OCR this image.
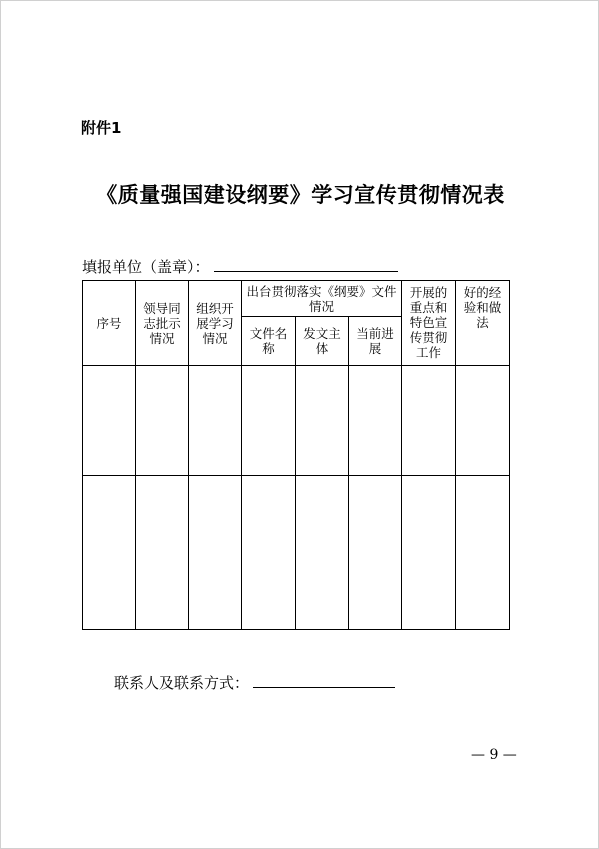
附件1
《质量强国建设纲要》学习宣传贯彻情况表
填报单位（盖章）：
序号	领导同志批示情况	组织开展学习情况	出台贯彻落实《纲要》文件情况			开展的重点和特色宣传贯彻工作	好的经验和做法
			文件名称	发文主体	当前进展		

联系人及联系方式：
— 9 —
